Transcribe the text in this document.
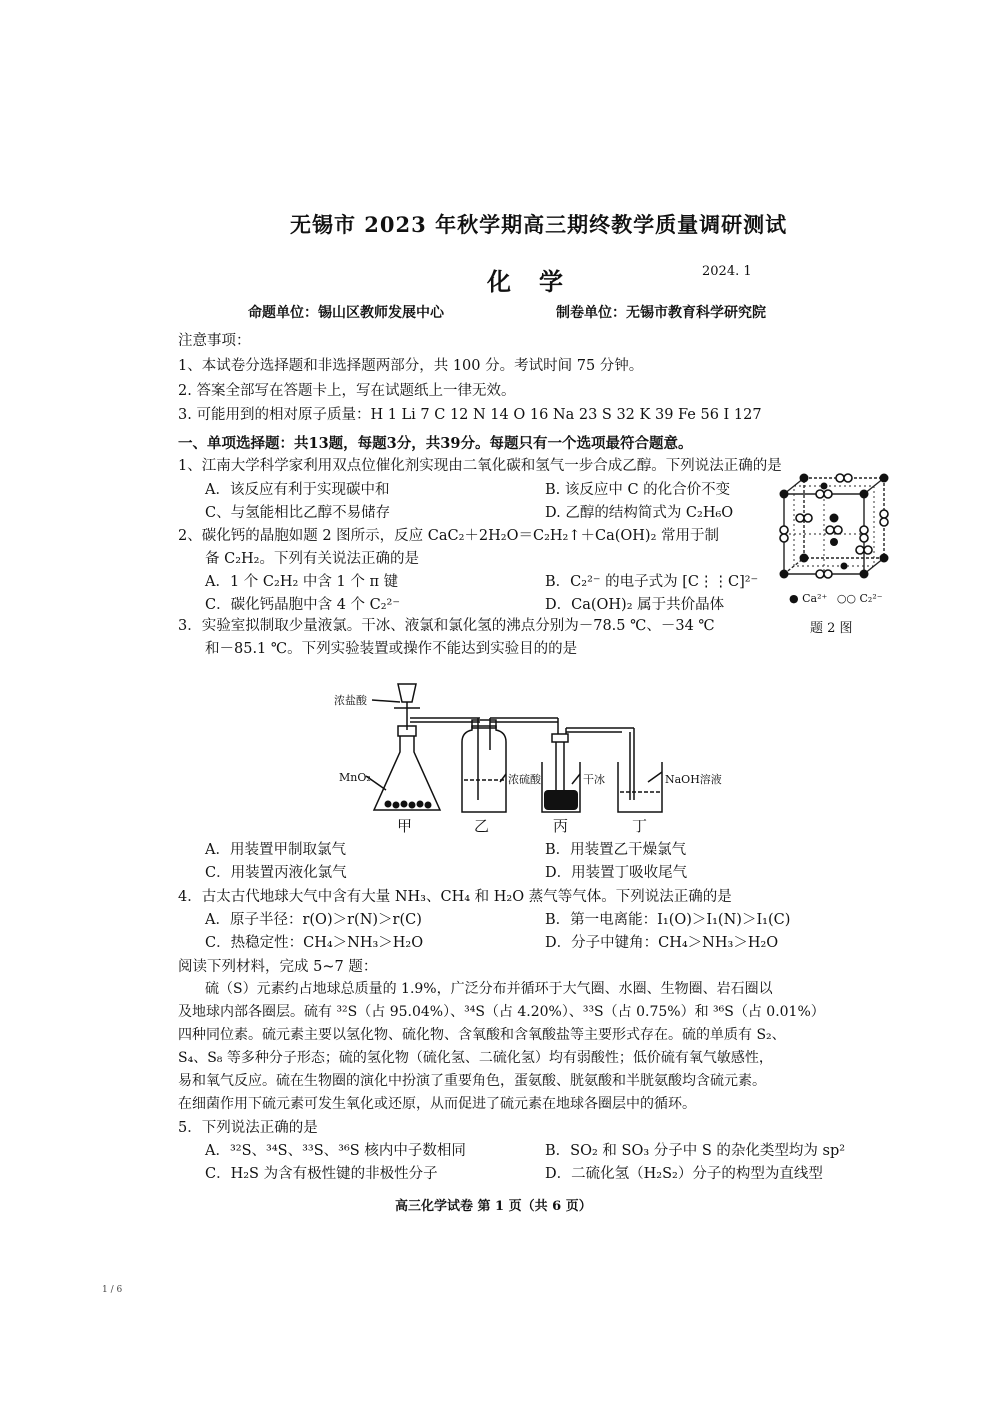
无锡市 2023 年秋学期高三期终教学质量调研测试
化学	2024. 1
命题单位：锡山区教师发展中心	制卷单位：无锡市教育科学研究院
注意事项：
1、本试卷分选择题和非选择题两部分，共 100 分。考试时间 75 分钟。
2. 答案全部写在答题卡上，写在试题纸上一律无效。
3. 可能用到的相对原子质量：H 1 Li 7 C 12 N 14 O 16 Na 23 S 32 K 39 Fe 56 I 127
一、单项选择题：共13题，每题3分，共39分。每题只有一个选项最符合题意。
1、江南大学科学家利用双点位催化剂实现由二氧化碳和氢气一步合成乙醇。下列说法正确的是
A．该反应有利于实现碳中和	B. 该反应中 C 的化合价不变
C、与氢能相比乙醇不易储存	D. 乙醇的结构简式为 C₂H₆O
2、碳化钙的晶胞如题 2 图所示，反应 CaC₂＋2H₂O＝C₂H₂↑＋Ca(OH)₂ 常用于制
备 C₂H₂。下列有关说法正确的是
A．1 个 C₂H₂ 中含 1 个 π 键	B．C₂²⁻ 的电子式为 [C⋮⋮C]²⁻
C．碳化钙晶胞中含 4 个 C₂²⁻	D．Ca(OH)₂ 属于共价晶体	● Ca²⁺ ○○ C₂²⁻
题 2 图
3．实验室拟制取少量液氯。干冰、液氯和氯化氢的沸点分别为－78.5 ℃、－34 ℃
和－85.1 ℃。下列实验装置或操作不能达到实验目的的是
浓盐酸
MnO₂	浓硫酸	干冰	NaOH溶液
甲	乙	丙	丁
A．用装置甲制取氯气	B．用装置乙干燥氯气
C．用装置丙液化氯气	D．用装置丁吸收尾气
4．古太古代地球大气中含有大量 NH₃、CH₄ 和 H₂O 蒸气等气体。下列说法正确的是
A．原子半径：r(O)＞r(N)＞r(C)	B．第一电离能：I₁(O)＞I₁(N)＞I₁(C)
C．热稳定性：CH₄＞NH₃＞H₂O	D．分子中键角：CH₄＞NH₃＞H₂O
阅读下列材料，完成 5~7 题：
硫（S）元素约占地球总质量的 1.9%，广泛分布并循环于大气圈、水圈、生物圈、岩石圈以
及地球内部各圈层。硫有 ³²S（占 95.04%）、³⁴S（占 4.20%）、³³S（占 0.75%）和 ³⁶S（占 0.01%）
四种同位素。硫元素主要以氢化物、硫化物、含氧酸和含氧酸盐等主要形式存在。硫的单质有 S₂、
S₄、S₈ 等多种分子形态；硫的氢化物（硫化氢、二硫化氢）均有弱酸性；低价硫有氧气敏感性，
易和氧气反应。硫在生物圈的演化中扮演了重要角色，蛋氨酸、胱氨酸和半胱氨酸均含硫元素。
在细菌作用下硫元素可发生氧化或还原，从而促进了硫元素在地球各圈层中的循环。
5．下列说法正确的是
A．³²S、³⁴S、³³S、³⁶S 核内中子数相同	B．SO₂ 和 SO₃ 分子中 S 的杂化类型均为 sp²
C．H₂S 为含有极性键的非极性分子	D．二硫化氢（H₂S₂）分子的构型为直线型
高三化学试卷 第 1 页（共 6 页）
1 / 6
